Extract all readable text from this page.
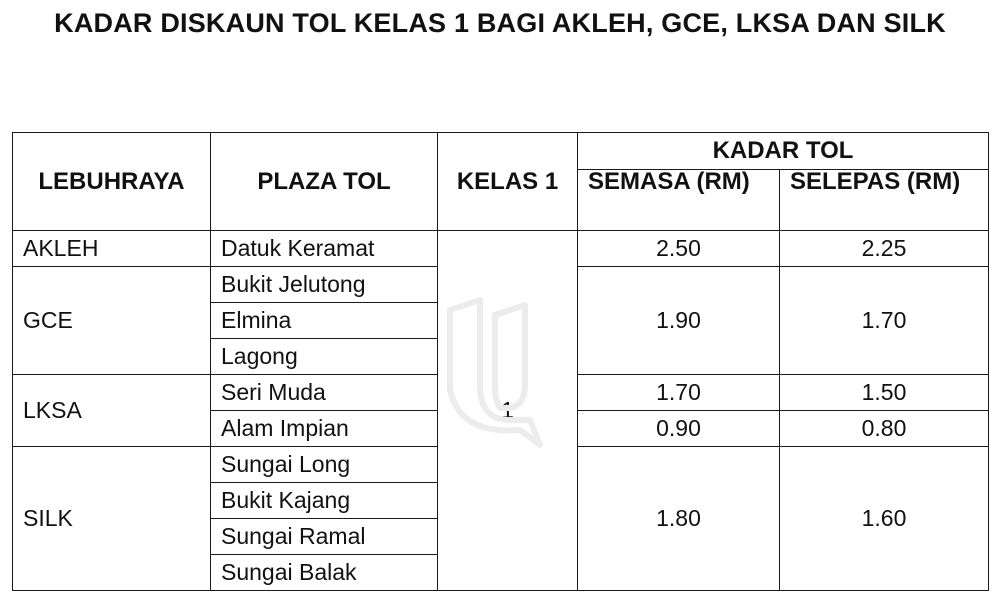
KADAR DISKAUN TOL KELAS 1 BAGI AKLEH, GCE, LKSA DAN SILK
LEBUHRAYA	PLAZA TOL	KELAS 1	KADAR TOL	
			SEMASA (RM)	SELEPAS (RM)
AKLEH	Datuk Keramat	1	2.50	2.25
GCE	Bukit Jelutong		1.90	1.70
	Elmina			
	Lagong			
LKSA	Seri Muda		1.70	1.50
	Alam Impian		0.90	0.80
SILK	Sungai Long		1.80	1.60
	Bukit Kajang			
	Sungai Ramal			
	Sungai Balak			
